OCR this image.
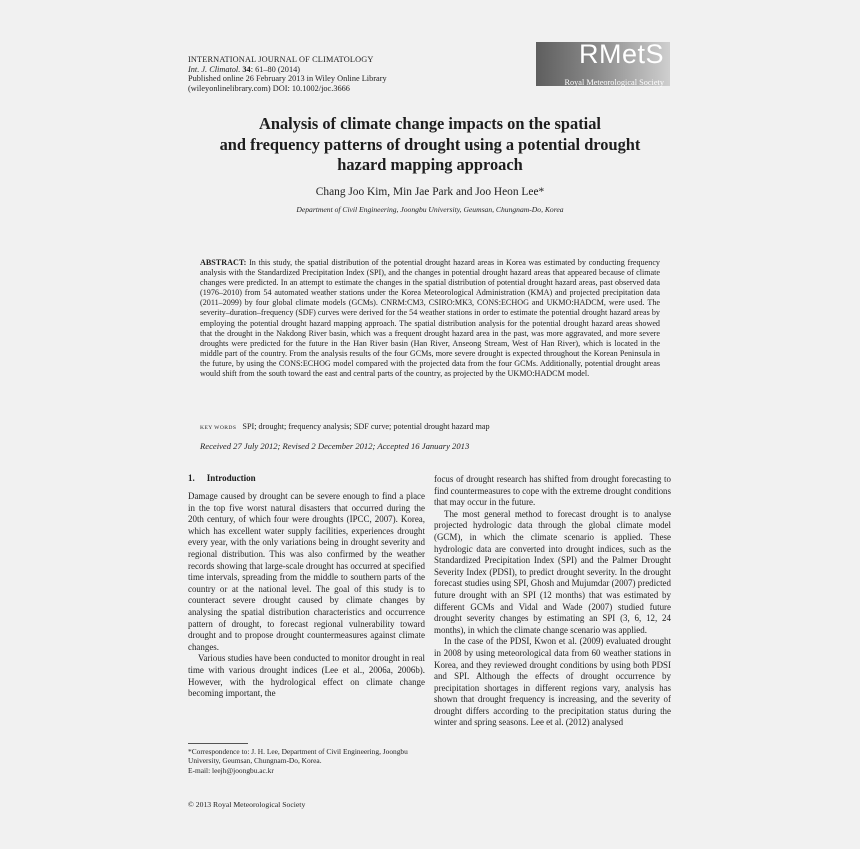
INTERNATIONAL JOURNAL OF CLIMATOLOGY
Int. J. Climatol. 34: 61–80 (2014)
Published online 26 February 2013 in Wiley Online Library
(wileyonlinelibrary.com) DOI: 10.1002/joc.3666
RMetS
Royal Meteorological Society
Analysis of climate change impacts on the spatial
and frequency patterns of drought using a potential drought
hazard mapping approach
Chang Joo Kim, Min Jae Park and Joo Heon Lee*
Department of Civil Engineering, Joongbu University, Geumsan, Chungnam-Do, Korea
ABSTRACT: In this study, the spatial distribution of the potential drought hazard areas in Korea was estimated by conducting frequency analysis with the Standardized Precipitation Index (SPI), and the changes in potential drought hazard areas that appeared because of climate changes were predicted. In an attempt to estimate the changes in the spatial distribution of potential drought hazard areas, past observed data (1976–2010) from 54 automated weather stations under the Korea Meteorological Administration (KMA) and projected precipitation data (2011–2099) by four global climate models (GCMs). CNRM:CM3, CSIRO:MK3, CONS:ECHOG and UKMO:HADCM, were used. The severity–duration–frequency (SDF) curves were derived for the 54 weather stations in order to estimate the potential drought hazard areas by employing the potential drought hazard mapping approach. The spatial distribution analysis for the potential drought hazard areas showed that the drought in the Nakdong River basin, which was a frequent drought hazard area in the past, was more aggravated, and more severe droughts were predicted for the future in the Han River basin (Han River, Anseong Stream, West of Han River), which is located in the middle part of the country. From the analysis results of the four GCMs, more severe drought is expected throughout the Korean Peninsula in the future, by using the CONS:ECHOG model compared with the projected data from the four GCMs. Additionally, potential drought areas would shift from the south toward the east and central parts of the country, as projected by the UKMO:HADCM model.
KEY WORDS SPI; drought; frequency analysis; SDF curve; potential drought hazard map
Received 27 July 2012; Revised 2 December 2012; Accepted 16 January 2013
1. Introduction

Damage caused by drought can be severe enough to find a place in the top five worst natural disasters that occurred during the 20th century, of which four were droughts (IPCC, 2007). Korea, which has excellent water supply facilities, experiences drought every year, with the only variations being in drought severity and regional distribution. This was also confirmed by the weather records showing that large-scale drought has occurred at specified time intervals, spreading from the middle to southern parts of the country or at the national level. The goal of this study is to counteract severe drought caused by climate changes by analysing the spatial distribution characteristics and occurrence pattern of drought, to forecast regional vulnerability toward drought and to propose drought countermeasures against climate changes.

Various studies have been conducted to monitor drought in real time with various drought indices (Lee et al., 2006a, 2006b). However, with the hydrological effect on climate change becoming important, the

focus of drought research has shifted from drought forecasting to find countermeasures to cope with the extreme drought conditions that may occur in the future.

The most general method to forecast drought is to analyse projected hydrologic data through the global climate model (GCM), in which the climate scenario is applied. These hydrologic data are converted into drought indices, such as the Standardized Precipitation Index (SPI) and the Palmer Drought Severity Index (PDSI), to predict drought severity. In the drought forecast studies using SPI, Ghosh and Mujumdar (2007) predicted future drought with an SPI (12 months) that was estimated by different GCMs and Vidal and Wade (2007) studied future drought severity changes by estimating an SPI (3, 6, 12, 24 months), in which the climate change scenario was applied.

In the case of the PDSI, Kwon et al. (2009) evaluated drought in 2008 by using meteorological data from 60 weather stations in Korea, and they reviewed drought conditions by using both PDSI and SPI. Although the effects of drought occurrence by precipitation shortages in different regions vary, analysis has shown that drought frequency is increasing, and the severity of drought differs according to the precipitation status during the winter and spring seasons. Lee et al. (2012) analysed

*Correspondence to: J. H. Lee, Department of Civil Engineering, Joongbu University, Geumsan, Chungnam-Do, Korea.

E-mail: leejh@joongbu.ac.kr

© 2013 Royal Meteorological Society
